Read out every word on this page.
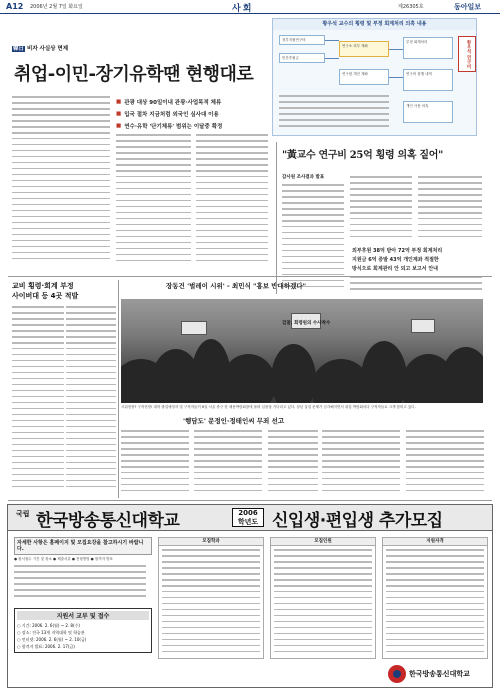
A12 2006년 2월 7일 화요일	사회	제26305호	동아일보
韓日 비자 사실상 면제
취업-이민-장기유학땐 현행대로
■ 관광 대상
90일이내 관광·사업목적 체류
■ 입국 절차
지금처럼 외국인 심사대 이용
■ 연수·유학
'단기체류' 범위는 이달중 확정
황우석 교수의 횡령 및 부정 회계처리 의혹 내용
정부지원연구비
민간후원금
연구소 외부 계좌
연구원 개인 계좌
부정 회계처리
연구비 집행 내역
개인 사용 의혹
황우석 연구비
"黃교수 연구비 25억 횡령 의혹 짙어"
감사원 조사결과 발표
외부후원 38억 받아 72억 부정 회계처리
지원금 6억 증발 43억 개인계좌 적절한
방식으로 회계관리 안 되고 보고서 안내
장동건 '벌레이 시위' - 최민식 "홍보 반대하겠다"
교비 횡령·회계 부정
사이버대 등 4곳 적발
시위현장? 구직현장! 대학 졸업예정자 및 구직자들이 6일 서울 중구 한 채용박람회장에 몰려 입장을 기다리고 있다. 청년 실업 문제가 심각해지면서 취업 박람회마다 구직자들로 크게 붐비고 있다.
'행담도' 문정인·정태인씨 무죄 선고
검찰, 회령원의 수사착수
국립 한국방송통신대학교	2006
학년도 신입생·편입생 추가모집
자세한 사항은 홈페이지 및 모집요강을 참고하시기 바랍니다.
● 원서접수 기간 및 장소 ● 제출서류 ● 전형방법 ● 합격자 발표
지원서 교부 및 접수
○ 기간: 2006. 2. 6(월) ~ 2. 8(수)
○ 장소: 전국 13개 지역대학 및 학습관
○ 인터넷: 2006. 2. 6(월) ~ 2. 10(금)
○ 합격자 발표: 2006. 2. 17(금)
모집학과	모집인원	지원자격
한국방송통신대학교
